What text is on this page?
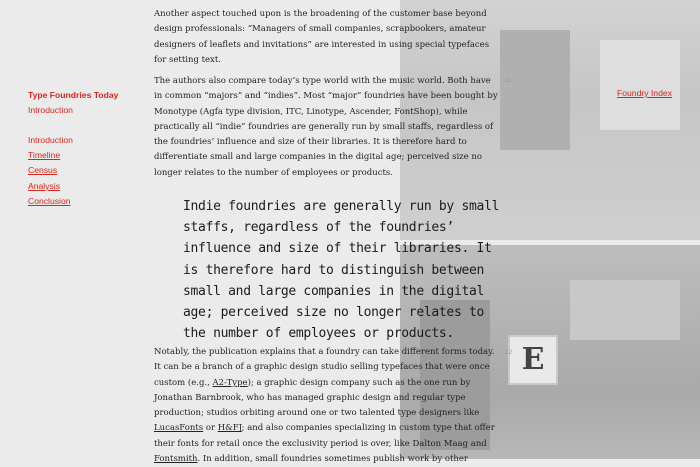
E
Type Foundries Today
Introduction
Introduction
Timeline
Census
Analysis
Conclusion
Foundry Index

Another aspect touched upon is the broadening of the customer base beyond design professionals: “Managers of small companies, scrapbookers, amateur designers of leaflets and invitations” are interested in using special typefaces for setting text.

11

The authors also compare today’s type world with the music world. Both have in common “majors” and “indies”. Most “major” foundries have been bought by Monotype (Agfa type division, ITC, Linotype, Ascender, FontShop), while practically all “indie” foundries are generally run by small staffs, regardless of the foundries’ influence and size of their libraries. It is therefore hard to differentiate small and large companies in the digital age; perceived size no longer relates to the number of employees or products.

Indie foundries are generally run by small staffs, regardless of the foundries’ influence and size of their libraries. It is therefore hard to distinguish between small and large companies in the digital age; perceived size no longer relates to the number of employees or products.

12

Notably, the publication explains that a foundry can take different forms today. It can be a branch of a graphic design studio selling typefaces that were once custom (e.g., A2-Type); a graphic design company such as the one run by Jonathan Barnbrook, who has managed graphic design and regular type production; studios orbiting around one or two talented type designers like LucasFonts or H&FJ; and also companies specializing in custom type that offer their fonts for retail once the exclusivity period is over, like Dalton Maag and Fontsmith. In addition, small foundries sometimes publish work by other
